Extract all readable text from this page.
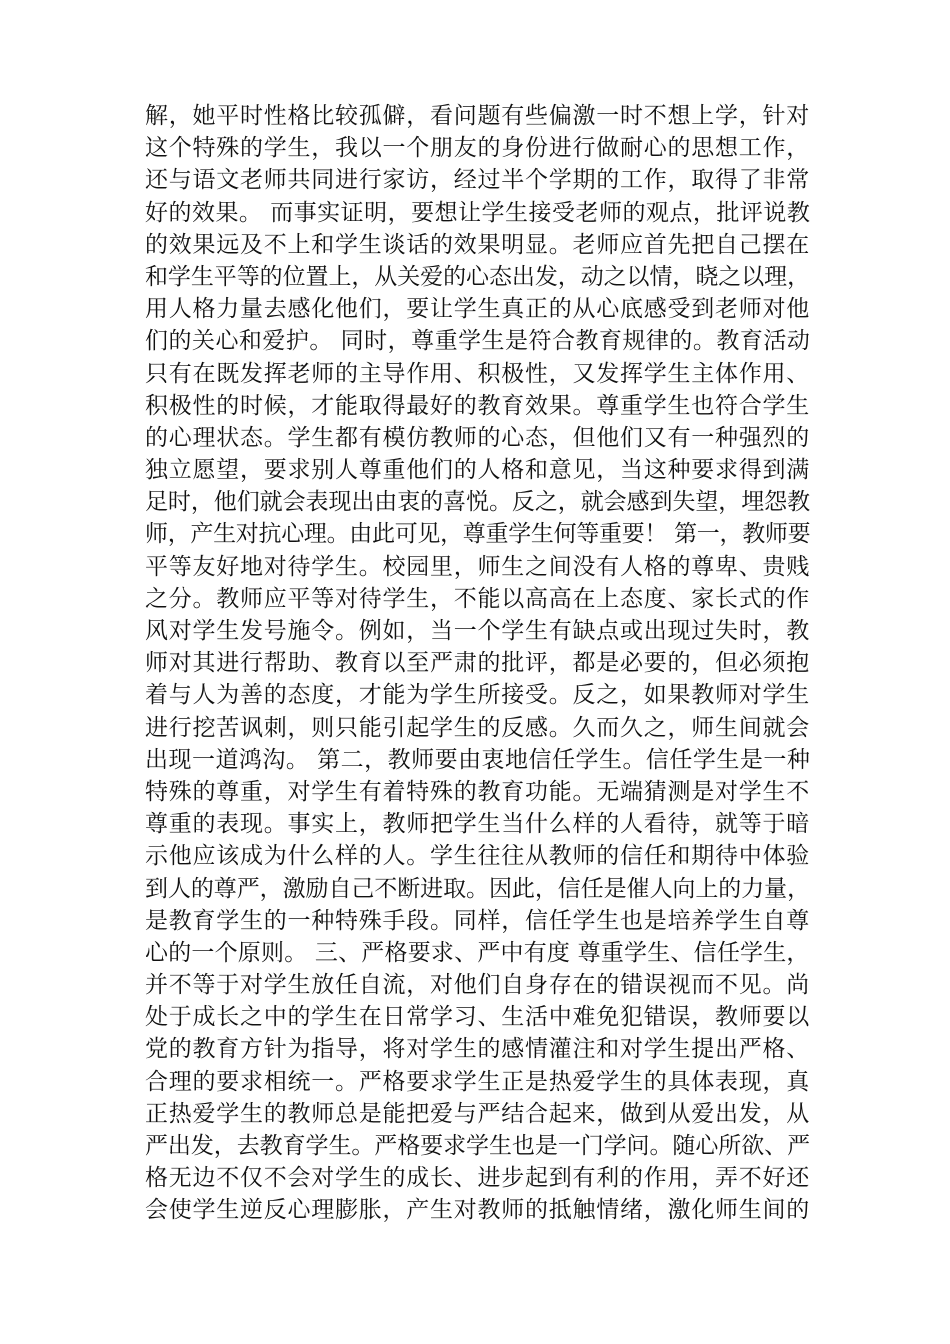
解，她平时性格比较孤僻，看问题有些偏激一时不想上学，针对
这个特殊的学生，我以一个朋友的身份进行做耐心的思想工作，
还与语文老师共同进行家访，经过半个学期的工作，取得了非常
好的效果。 而事实证明，要想让学生接受老师的观点，批评说教
的效果远及不上和学生谈话的效果明显。老师应首先把自己摆在
和学生平等的位置上，从关爱的心态出发，动之以情，晓之以理，
用人格力量去感化他们，要让学生真正的从心底感受到老师对他
们的关心和爱护。 同时，尊重学生是符合教育规律的。教育活动
只有在既发挥老师的主导作用、积极性，又发挥学生主体作用、
积极性的时候，才能取得最好的教育效果。尊重学生也符合学生
的心理状态。学生都有模仿教师的心态，但他们又有一种强烈的
独立愿望，要求别人尊重他们的人格和意见，当这种要求得到满
足时，他们就会表现出由衷的喜悦。反之，就会感到失望，埋怨教
师，产生对抗心理。由此可见，尊重学生何等重要！ 第一，教师要
平等友好地对待学生。校园里，师生之间没有人格的尊卑、贵贱
之分。教师应平等对待学生，不能以高高在上态度、家长式的作
风对学生发号施令。例如，当一个学生有缺点或出现过失时，教
师对其进行帮助、教育以至严肃的批评，都是必要的，但必须抱
着与人为善的态度，才能为学生所接受。反之，如果教师对学生
进行挖苦讽刺，则只能引起学生的反感。久而久之，师生间就会
出现一道鸿沟。 第二，教师要由衷地信任学生。信任学生是一种
特殊的尊重，对学生有着特殊的教育功能。无端猜测是对学生不
尊重的表现。事实上，教师把学生当什么样的人看待，就等于暗
示他应该成为什么样的人。学生往往从教师的信任和期待中体验
到人的尊严，激励自己不断进取。因此，信任是催人向上的力量，
是教育学生的一种特殊手段。同样，信任学生也是培养学生自尊
心的一个原则。 三、严格要求、严中有度 尊重学生、信任学生，
并不等于对学生放任自流，对他们自身存在的错误视而不见。尚
处于成长之中的学生在日常学习、生活中难免犯错误，教师要以
党的教育方针为指导，将对学生的感情灌注和对学生提出严格、
合理的要求相统一。严格要求学生正是热爱学生的具体表现，真
正热爱学生的教师总是能把爱与严结合起来，做到从爱出发，从
严出发，去教育学生。严格要求学生也是一门学问。随心所欲、严
格无边不仅不会对学生的成长、进步起到有利的作用，弄不好还
会使学生逆反心理膨胀，产生对教师的抵触情绪，激化师生间的
